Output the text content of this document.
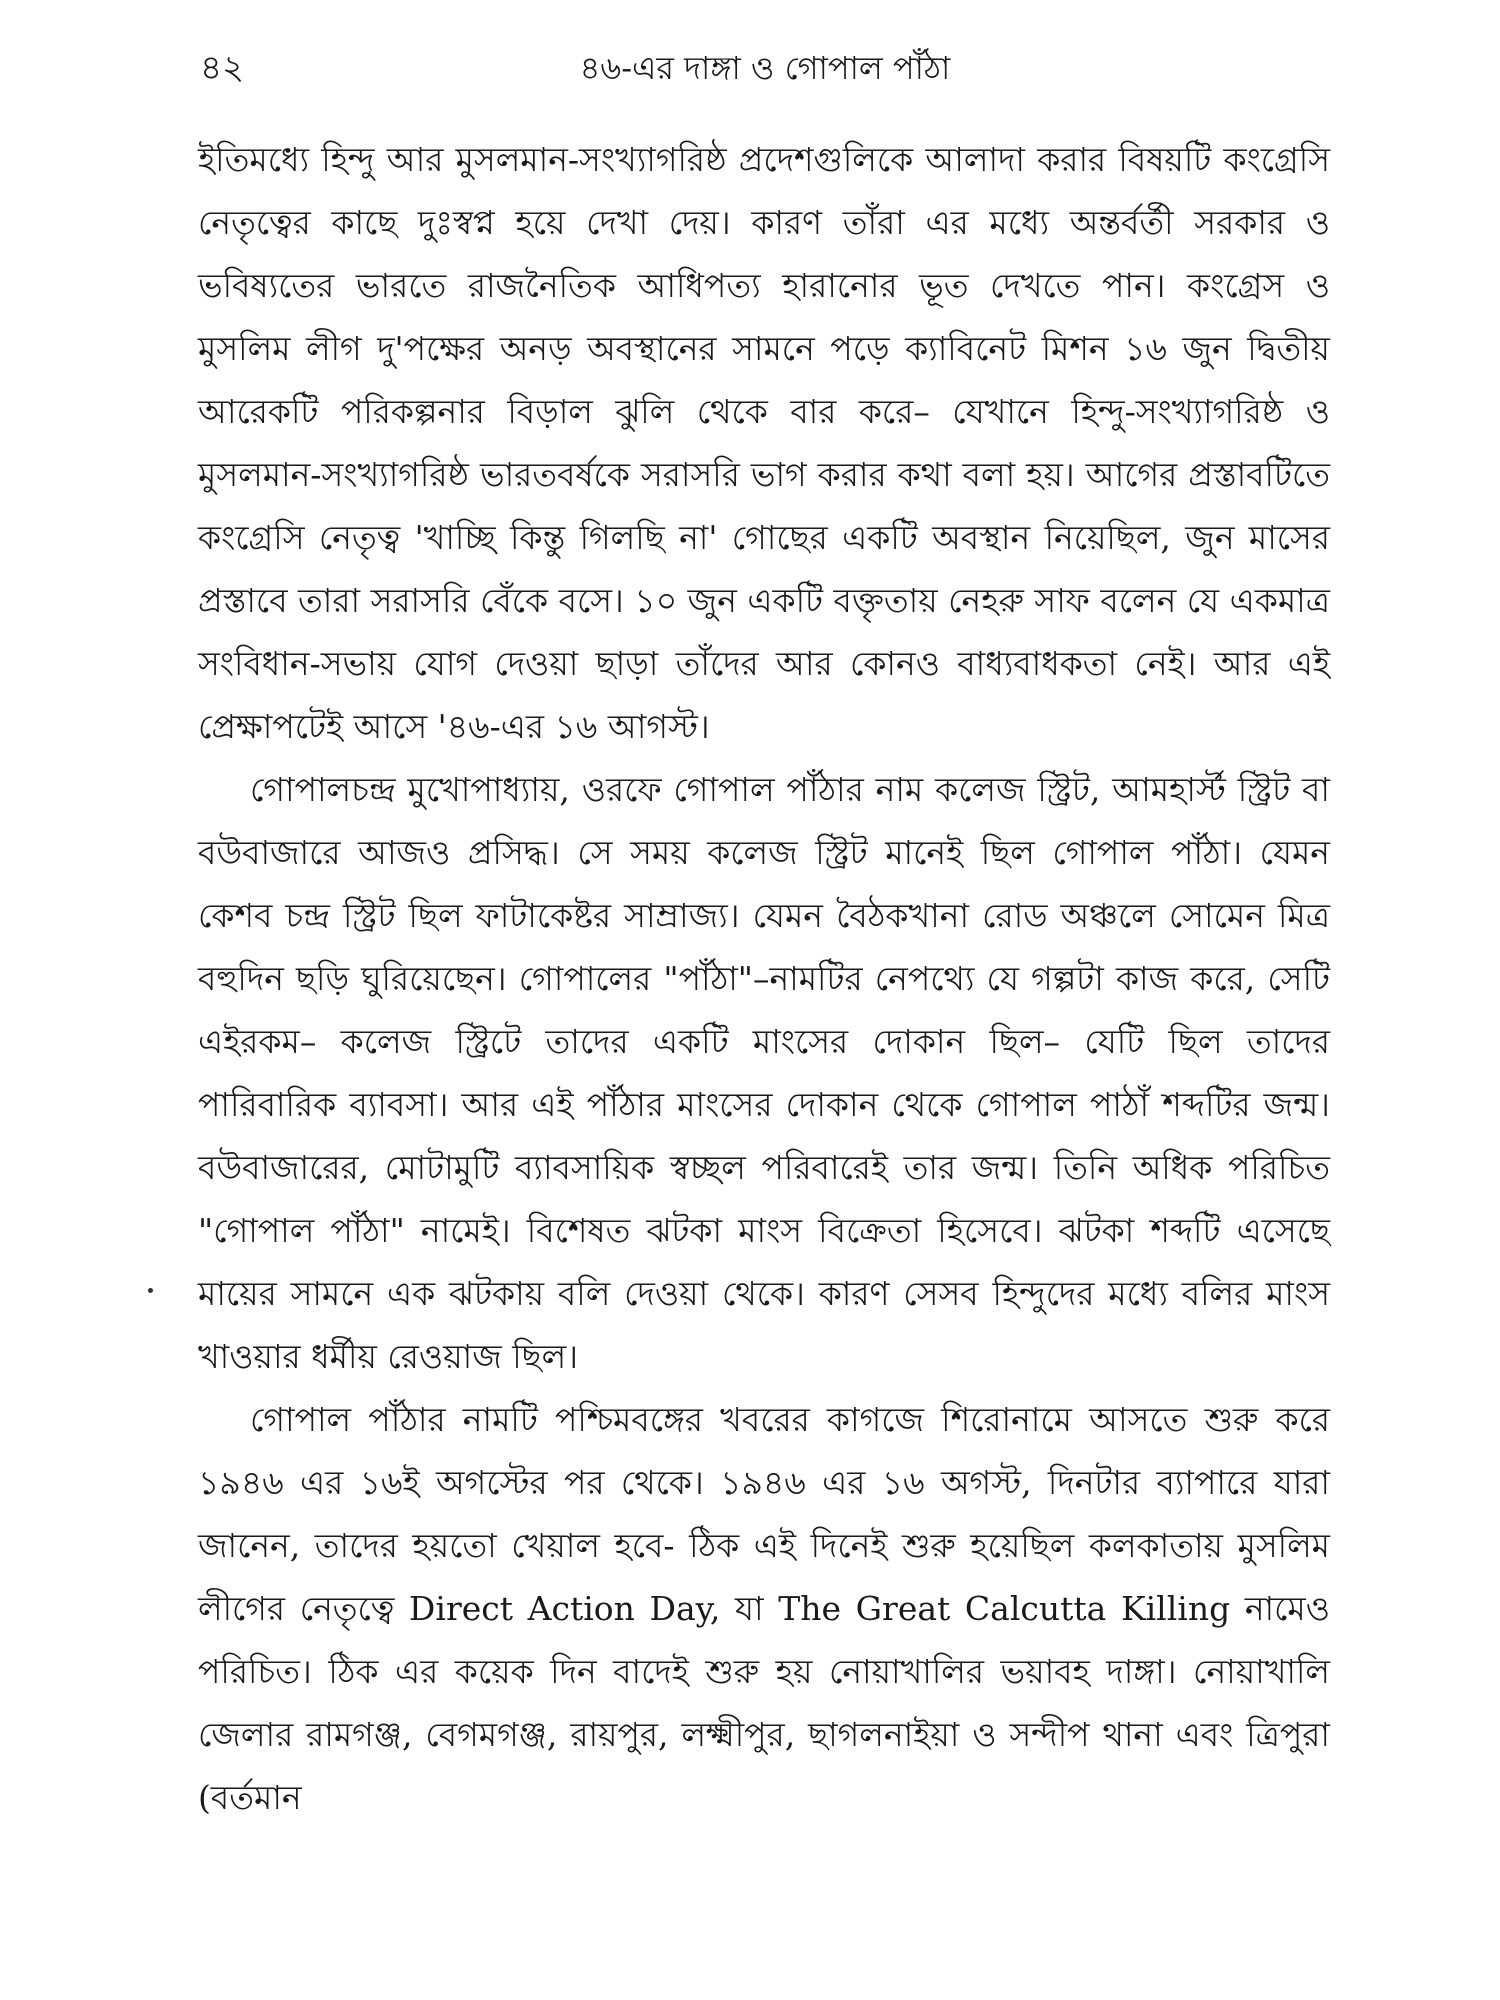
৪২	৪৬-এর দাঙ্গা ও গোপাল পাঁঠা

ইতিমধ্যে হিন্দু আর মুসলমান-সংখ্যাগরিষ্ঠ প্রদেশগুলিকে আলাদা করার বিষয়টি কংগ্রেসি নেতৃত্বের কাছে দুঃস্বপ্ন হয়ে দেখা দেয়। কারণ তাঁরা এর মধ্যে অন্তর্বর্তী সরকার ও ভবিষ্যতের ভারতে রাজনৈতিক আধিপত্য হারানোর ভূত দেখতে পান। কংগ্রেস ও মুসলিম লীগ দু'পক্ষের অনড় অবস্থানের সামনে পড়ে ক্যাবিনেট মিশন ১৬ জুন দ্বিতীয় আরেকটি পরিকল্পনার বিড়াল ঝুলি থেকে বার করে– যেখানে হিন্দু-সংখ্যাগরিষ্ঠ ও মুসলমান-সংখ্যাগরিষ্ঠ ভারতবর্ষকে সরাসরি ভাগ করার কথা বলা হয়। আগের প্রস্তাবটিতে কংগ্রেসি নেতৃত্ব 'খাচ্ছি কিন্তু গিলছি না' গোছের একটি অবস্থান নিয়েছিল, জুন মাসের প্রস্তাবে তারা সরাসরি বেঁকে বসে। ১০ জুন একটি বক্তৃতায় নেহরু সাফ বলেন যে একমাত্র সংবিধান-সভায় যোগ দেওয়া ছাড়া তাঁদের আর কোনও বাধ্যবাধকতা নেই। আর এই প্রেক্ষাপটেই আসে '৪৬-এর ১৬ আগস্ট।

গোপালচন্দ্র মুখোপাধ্যায়, ওরফে গোপাল পাঁঠার নাম কলেজ স্ট্রিট, আমহার্স্ট স্ট্রিট বা বউবাজারে আজও প্রসিদ্ধ। সে সময় কলেজ স্ট্রিট মানেই ছিল গোপাল পাঁঠা। যেমন কেশব চন্দ্র স্ট্রিট ছিল ফাটাকেষ্টর সাম্রাজ্য। যেমন বৈঠকখানা রোড অঞ্চলে সোমেন মিত্র বহুদিন ছড়ি ঘুরিয়েছেন। গোপালের "পাঁঠা"–নামটির নেপথ্যে যে গল্পটা কাজ করে, সেটি এইরকম– কলেজ স্ট্রিটে তাদের একটি মাংসের দোকান ছিল– যেটি ছিল তাদের পারিবারিক ব্যাবসা। আর এই পাঁঠার মাংসের দোকান থেকে গোপাল পাঠাঁ শব্দটির জন্ম। বউবাজারের, মোটামুটি ব্যাবসায়িক স্বচ্ছল পরিবারেই তার জন্ম। তিনি অধিক পরিচিত "গোপাল পাঁঠা" নামেই। বিশেষত ঝটকা মাংস বিক্রেতা হিসেবে। ঝটকা শব্দটি এসেছে মায়ের সামনে এক ঝটকায় বলি দেওয়া থেকে। কারণ সেসব হিন্দুদের মধ্যে বলির মাংস খাওয়ার ধর্মীয় রেওয়াজ ছিল।

গোপাল পাঁঠার নামটি পশ্চিমবঙ্গের খবরের কাগজে শিরোনামে আসতে শুরু করে ১৯৪৬ এর ১৬ই অগস্টের পর থেকে। ১৯৪৬ এর ১৬ অগস্ট, দিনটার ব্যাপারে যারা জানেন, তাদের হয়তো খেয়াল হবে- ঠিক এই দিনেই শুরু হয়েছিল কলকাতায় মুসলিম লীগের নেতৃত্বে Direct Action Day, যা The Great Calcutta Killing নামেও পরিচিত। ঠিক এর কয়েক দিন বাদেই শুরু হয় নোয়াখালির ভয়াবহ দাঙ্গা। নোয়াখালি জেলার রামগঞ্জ, বেগমগঞ্জ, রায়পুর, লক্ষ্মীপুর, ছাগলনাইয়া ও সন্দীপ থানা এবং ত্রিপুরা (বর্তমান
